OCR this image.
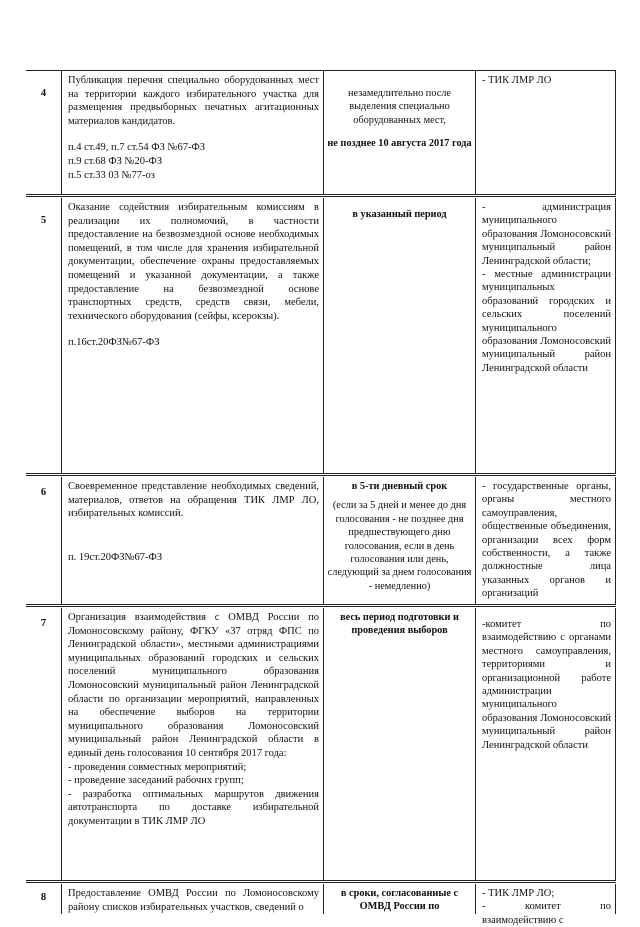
4

Публикация перечня специально оборудованных мест на территории каждого избирательного участка для размещения предвыборных печатных агитационных материалов кандидатов.

п.4 ст.49, п.7 ст.54 ФЗ №67-ФЗ

п.9 ст.68 ФЗ №20-ФЗ

п.5 ст.33 03 №77-оз

незамедлительно после выделения специально оборудованных мест,

не позднее 10 августа 2017 года

- ТИК ЛМР ЛО

5

Оказание содействия избирательным комиссиям в реализации их полномочий, в частности предоставление на безвозмездной основе необходимых помещений, в том числе для хранения избирательной документации, обеспечение охраны предоставляемых помещений и указанной документации, а также предоставление на безвозмездной основе транспортных средств, средств связи, мебели, технического оборудования (сейфы, ксерокзы).

п.16ст.20ФЗ№67-ФЗ

в указанный период

- администрация муниципального образования Ломоносовский муниципальный район Ленинградской области;

- местные администрации муниципальных образований городских и сельских поселений муниципального образования Ломоносовский муниципальный район Ленинградской области

6

Своевременное представление необходимых сведений, материалов, ответов на обращения ТИК ЛМР ЛО, избирательных комиссий.

п. 19ст.20ФЗ№67-ФЗ

в 5-ти дневный срок

(если за 5 дней и менее до дня голосования - не позднее дня предшествующего дню голосования, если в день голосования или день, следующий за днем голосования - немедленно)

- государственные органы, органы местного самоуправления, общественные объединения, организации всех форм собственности, а также должностные лица указанных органов и организаций

7

Организация взаимодействия с ОМВД России по Ломоносовскому району, ФГКУ «37 отряд ФПС по Ленинградской области», местными администрациями муниципальных образований городских и сельских поселений муниципального образования Ломоносовский муниципальный район Ленинградской области по организации мероприятий, направленных на обеспечение выборов на территории муниципального образования Ломоносовский муниципальный район Ленинградской области в единый день голосования 10 сентября 2017 года:

- проведения совместных мероприятий;

- проведение заседаний рабочих групп;

- разработка оптимальных маршрутов движения автотранспорта по доставке избирательной документации в ТИК ЛМР ЛО

весь период подготовки и проведения выборов

-комитет по взаимодействию с органами местного самоуправления, территориями и организационной работе администрации муниципального образования Ломоносовский муниципальный район Ленинградской области

8	Предоставление ОМВД России по Ломоносовскому району списков избирательных участков, сведений о

в сроки, согласованные с ОМВД России по

- ТИК ЛМР ЛО;

- комитет по взаимодействию с
